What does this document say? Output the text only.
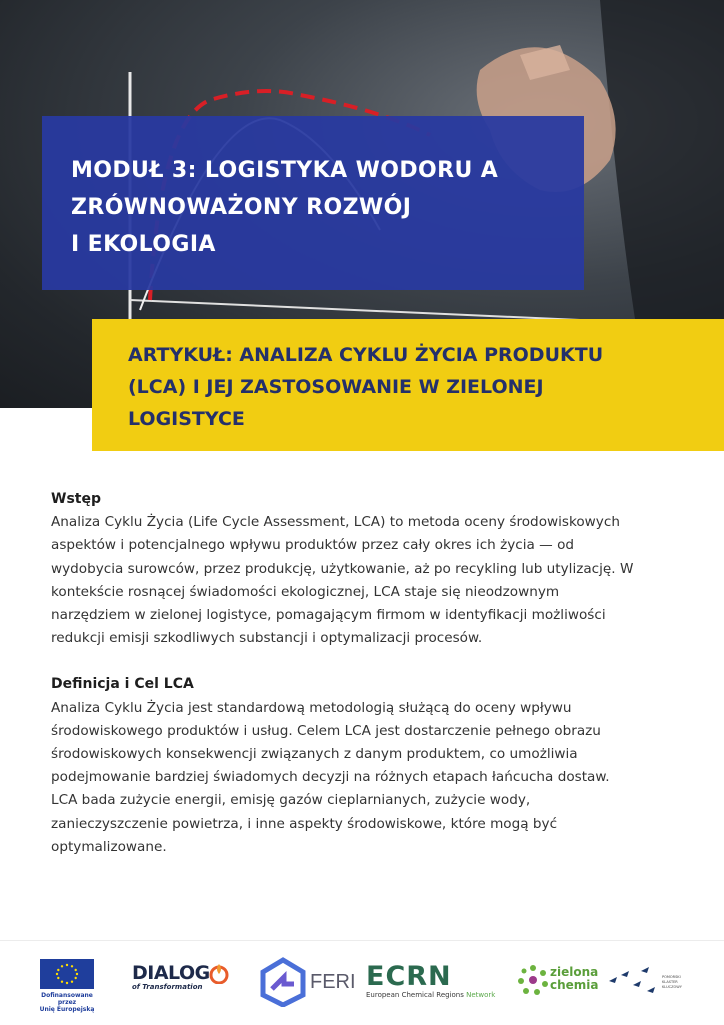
MODUŁ 3: LOGISTYKA WODORU A
ZRÓWNOWAŻONY ROZWÓJ
I EKOLOGIA
ARTYKUŁ: ANALIZA CYKLU ŻYCIA PRODUKTU
(LCA) I JEJ ZASTOSOWANIE W ZIELONEJ
LOGISTYCE
Wstęp

Analiza Cyklu Życia (Life Cycle Assessment, LCA) to metoda oceny środowiskowych
aspektów i potencjalnego wpływu produktów przez cały okres ich życia — od
wydobycia surowców, przez produkcję, użytkowanie, aż po recykling lub utylizację. W
kontekście rosnącej świadomości ekologicznej, LCA staje się nieodzownym
narzędziem w zielonej logistyce, pomagającym firmom w identyfikacji możliwości
redukcji emisji szkodliwych substancji i optymalizacji procesów.

Definicja i Cel LCA

Analiza Cyklu Życia jest standardową metodologią służącą do oceny wpływu
środowiskowego produktów i usług. Celem LCA jest dostarczenie pełnego obrazu
środowiskowych konsekwencji związanych z danym produktem, co umożliwia
podejmowanie bardziej świadomych decyzji na różnych etapach łańcucha dostaw.
LCA bada zużycie energii, emisję gazów cieplarnianych, zużycie wody,
zanieczyszczenie powietrza, i inne aspekty środowiskowe, które mogą być
optymalizowane.

Dofinansowane przez
Unię Europejską
DIALOG
of Transformation	FERI ECRN
European Chemical Regions Network
zielona
chemia
POMORSKI
KLASTER
KLUCZOWY
